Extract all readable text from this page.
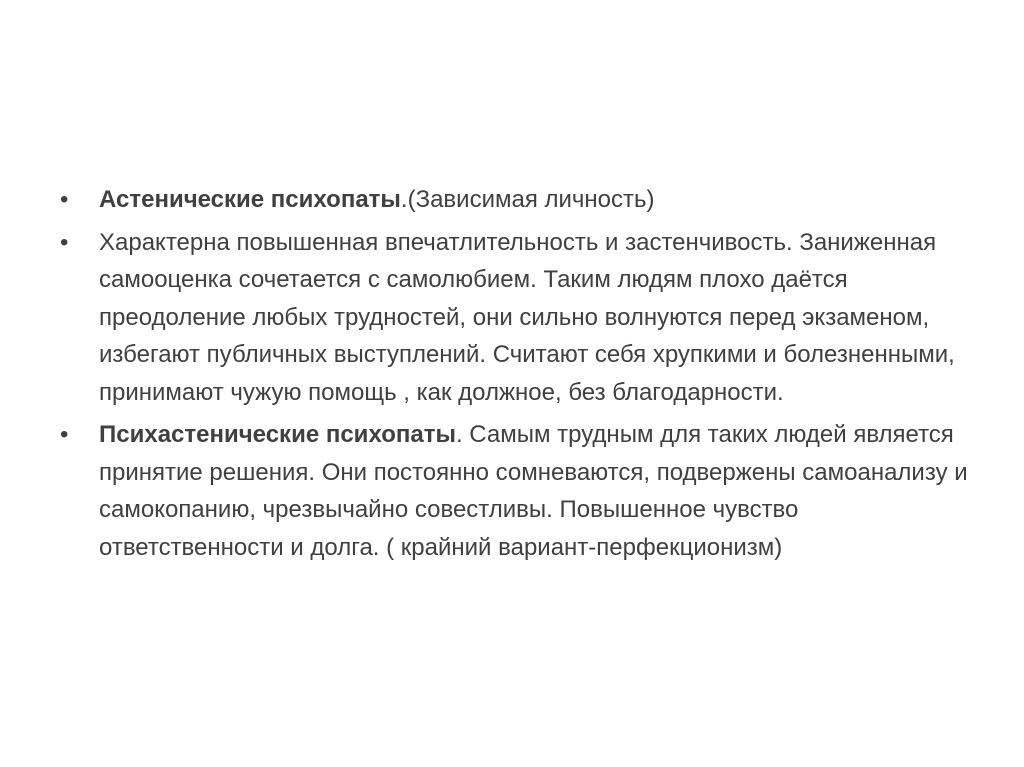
•	Астенические психопаты.(Зависимая личность)
•	Характерна повышенная впечатлительность и застенчивость. Заниженная самооценка сочетается с самолюбием. Таким людям плохо даётся преодоление любых трудностей, они сильно волнуются перед экзаменом, избегают публичных выступлений. Считают себя хрупкими и болезненными, принимают чужую помощь , как должное, без благодарности.
•	Психастенические психопаты. Самым трудным для таких людей является принятие решения. Они постоянно сомневаются, подвержены самоанализу и самокопанию, чрезвычайно совестливы. Повышенное чувство ответственности и долга. ( крайний вариант-перфекционизм)
